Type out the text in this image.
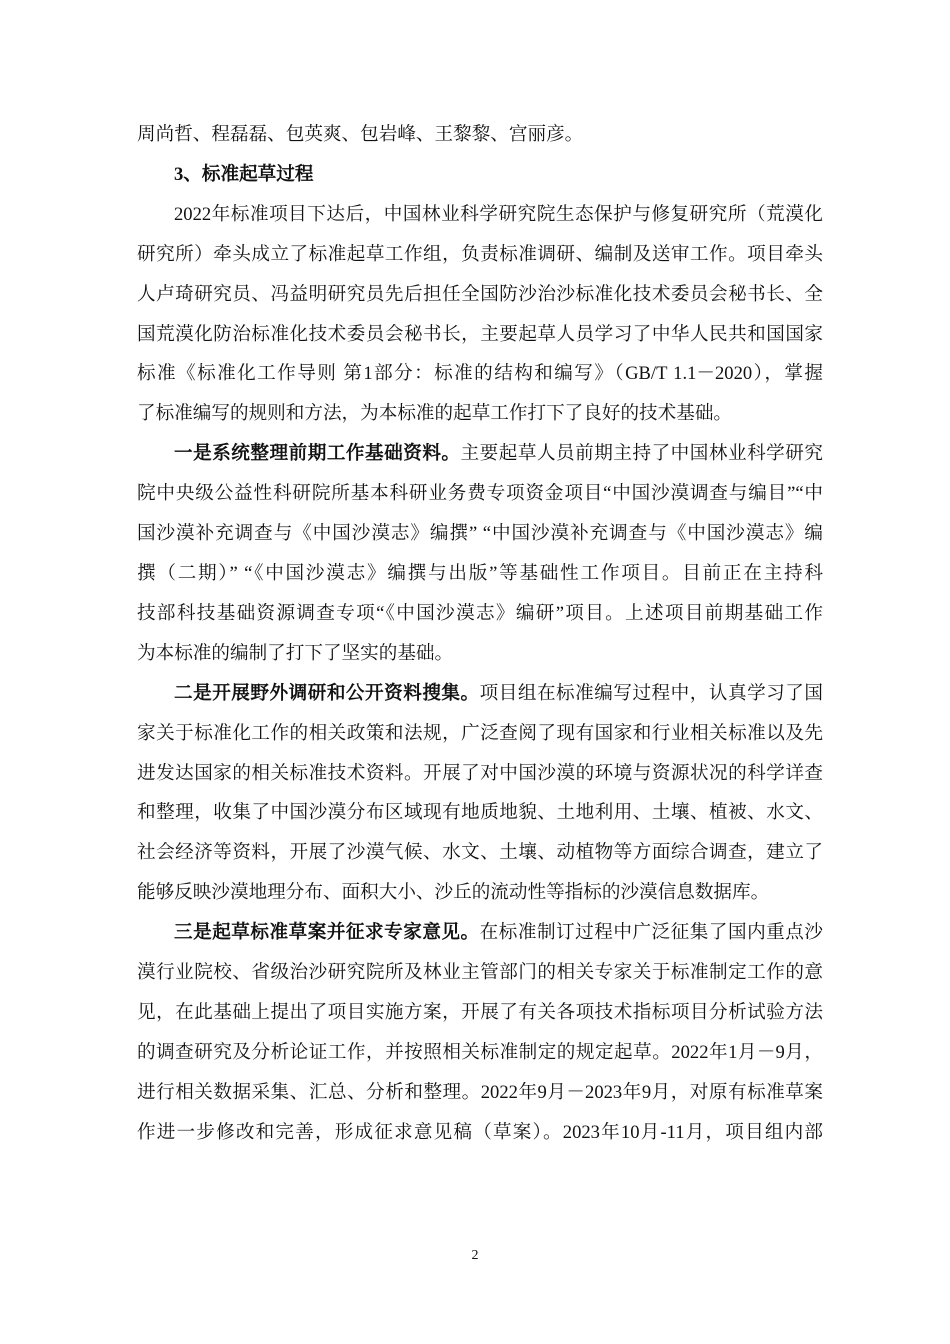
周尚哲、程磊磊、包英爽、包岩峰、王黎黎、宫丽彦。
3、标准起草过程
2022年标准项目下达后，中国林业科学研究院生态保护与修复研究所（荒漠化
研究所）牵头成立了标准起草工作组，负责标准调研、编制及送审工作。项目牵头
人卢琦研究员、冯益明研究员先后担任全国防沙治沙标准化技术委员会秘书长、全
国荒漠化防治标准化技术委员会秘书长，主要起草人员学习了中华人民共和国国家
标准《标准化工作导则 第1部分：标准的结构和编写》（GB/T 1.1－2020），掌握
了标准编写的规则和方法，为本标准的起草工作打下了良好的技术基础。
一是系统整理前期工作基础资料。主要起草人员前期主持了中国林业科学研究
院中央级公益性科研院所基本科研业务费专项资金项目“中国沙漠调查与编目”“中
国沙漠补充调查与《中国沙漠志》编撰” “中国沙漠补充调查与《中国沙漠志》编
撰（二期）” “《中国沙漠志》编撰与出版”等基础性工作项目。目前正在主持科
技部科技基础资源调查专项“《中国沙漠志》编研”项目。上述项目前期基础工作
为本标准的编制了打下了坚实的基础。
二是开展野外调研和公开资料搜集。项目组在标准编写过程中，认真学习了国
家关于标准化工作的相关政策和法规，广泛查阅了现有国家和行业相关标准以及先
进发达国家的相关标准技术资料。开展了对中国沙漠的环境与资源状况的科学详查
和整理，收集了中国沙漠分布区域现有地质地貌、土地利用、土壤、植被、水文、
社会经济等资料，开展了沙漠气候、水文、土壤、动植物等方面综合调查，建立了
能够反映沙漠地理分布、面积大小、沙丘的流动性等指标的沙漠信息数据库。
三是起草标准草案并征求专家意见。在标准制订过程中广泛征集了国内重点沙
漠行业院校、省级治沙研究院所及林业主管部门的相关专家关于标准制定工作的意
见，在此基础上提出了项目实施方案，开展了有关各项技术指标项目分析试验方法
的调查研究及分析论证工作，并按照相关标准制定的规定起草。2022年1月－9月，
进行相关数据采集、汇总、分析和整理。2022年9月－2023年9月，对原有标准草案
作进一步修改和完善，形成征求意见稿（草案）。2023年10月-11月，项目组内部
2
